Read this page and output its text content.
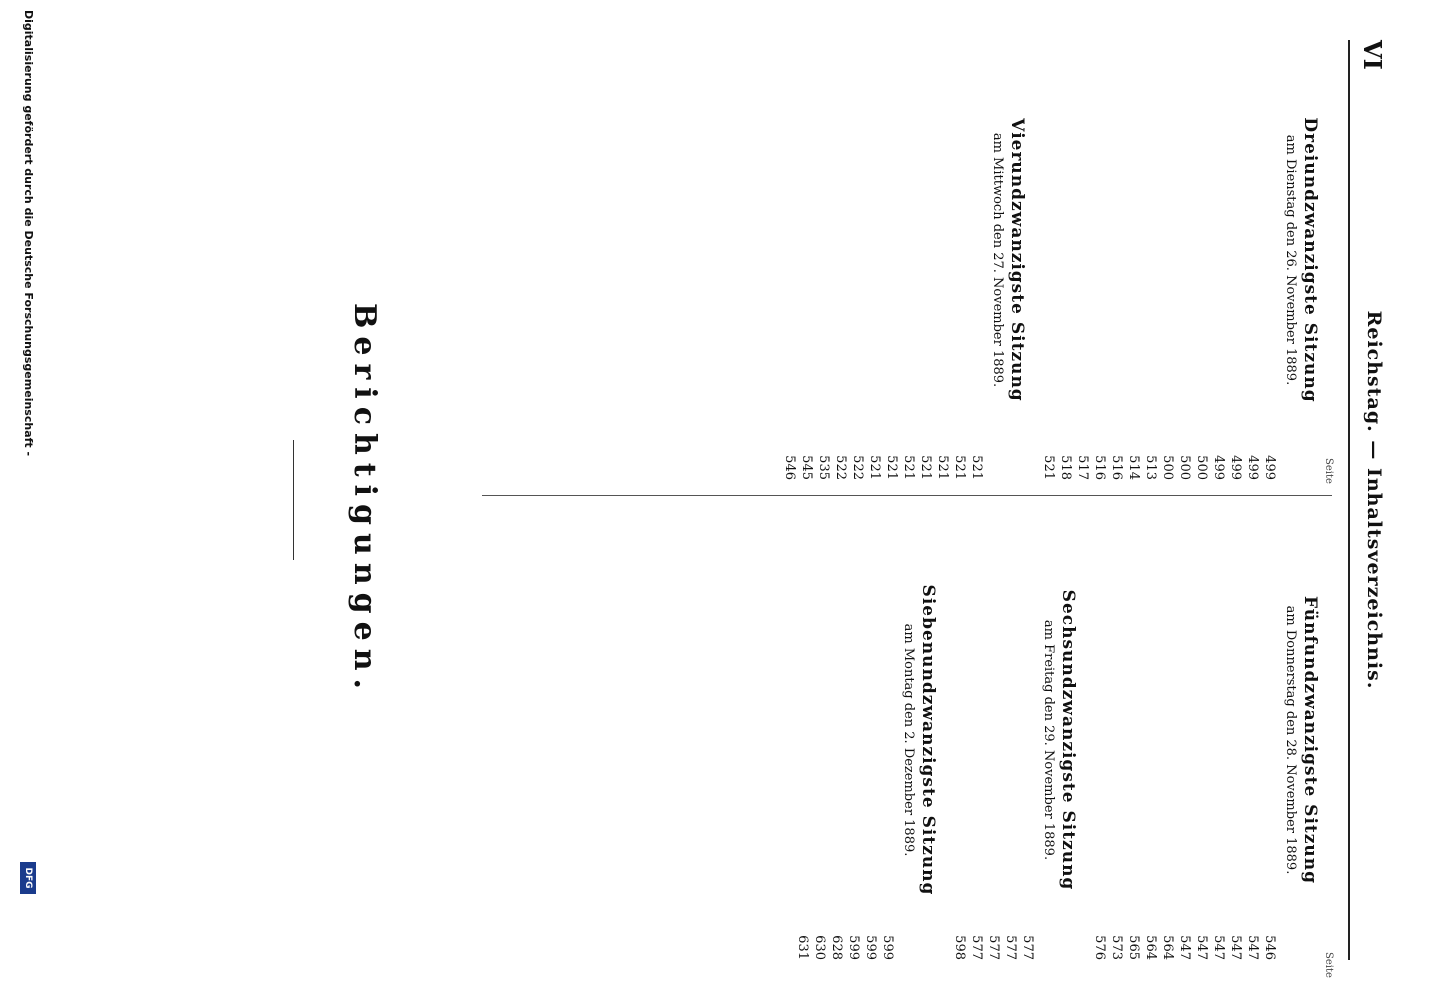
VI
Reichstag. — Inhaltsverzeichnis.
Seite
Seite
Dreiundzwanzigste Sitzung

am Dienstag den 26. November 1889.

499
499
499
499
500
500
500
513
514
516
516
517
518
521
Vierundzwanzigste Sitzung

am Mittwoch den 27. November 1889.

521
521
521
521
521
521
521
522
522
535
545
546
Fünfundzwanzigste Sitzung

am Donnerstag den 28. November 1889.

546
547
547
547
547
547
564
564
565
573
576
Sechsundzwanzigste Sitzung

am Freitag den 29. November 1889.

577
577
577
577
598
Siebenundzwanzigste Sitzung

am Montag den 2. Dezember 1889.

599
599
599
628
630
631
Berichtigungen.
Digitalisierung gefördert durch die Deutsche Forschungsgemeinschaft -
DFG
